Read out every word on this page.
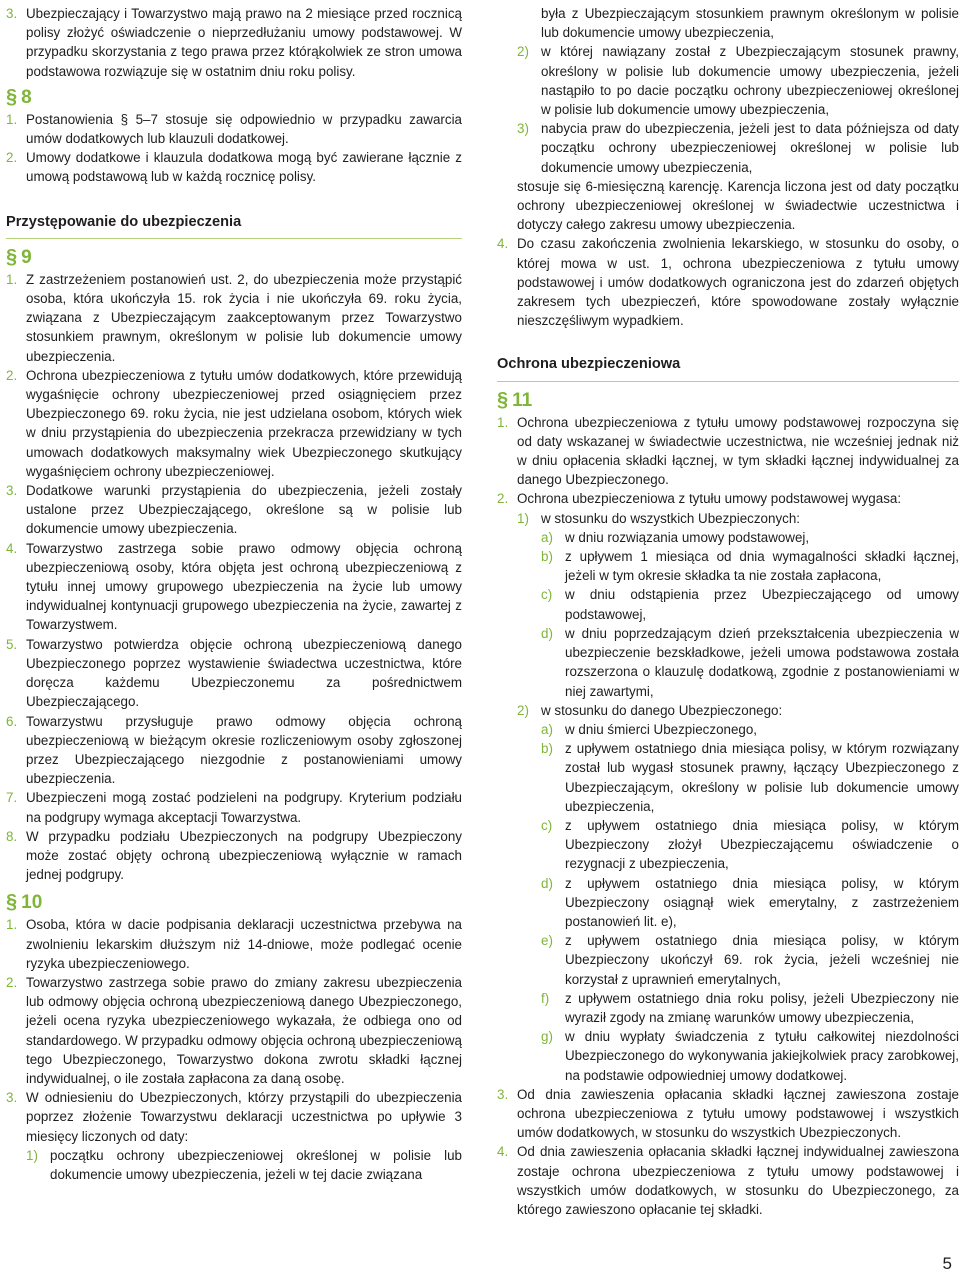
3. Ubezpieczający i Towarzystwo mają prawo na 2 miesiące przed rocznicą polisy złożyć oświadczenie o nieprzedłużaniu umowy podstawowej. W przypadku skorzystania z tego prawa przez którąkolwiek ze stron umowa podstawowa rozwiązuje się w ostatnim dniu roku polisy.
§ 8
1. Postanowienia § 5–7 stosuje się odpowiednio w przypadku zawarcia umów dodatkowych lub klauzuli dodatkowej.
2. Umowy dodatkowe i klauzula dodatkowa mogą być zawierane łącznie z umową podstawową lub w każdą rocznicę polisy.
Przystępowanie do ubezpieczenia
§ 9
1. Z zastrzeżeniem postanowień ust. 2, do ubezpieczenia może przystąpić osoba, która ukończyła 15. rok życia i nie ukończyła 69. roku życia, związana z Ubezpieczającym zaakceptowanym przez Towarzystwo stosunkiem prawnym, określonym w polisie lub dokumencie umowy ubezpieczenia.
2. Ochrona ubezpieczeniowa z tytułu umów dodatkowych, które przewidują wygaśnięcie ochrony ubezpieczeniowej przed osiągnięciem przez Ubezpieczonego 69. roku życia, nie jest udzielana osobom, których wiek w dniu przystąpienia do ubezpieczenia przekracza przewidziany w tych umowach dodatkowych maksymalny wiek Ubezpieczonego skutkujący wygaśnięciem ochrony ubezpieczeniowej.
3. Dodatkowe warunki przystąpienia do ubezpieczenia, jeżeli zostały ustalone przez Ubezpieczającego, określone są w polisie lub dokumencie umowy ubezpieczenia.
4. Towarzystwo zastrzega sobie prawo odmowy objęcia ochroną ubezpieczeniową osoby, która objęta jest ochroną ubezpieczeniową z tytułu innej umowy grupowego ubezpieczenia na życie lub umowy indywidualnej kontynuacji grupowego ubezpieczenia na życie, zawartej z Towarzystwem.
5. Towarzystwo potwierdza objęcie ochroną ubezpieczeniową danego Ubezpieczonego poprzez wystawienie świadectwa uczestnictwa, które doręcza każdemu Ubezpieczonemu za pośrednictwem Ubezpieczającego.
6. Towarzystwu przysługuje prawo odmowy objęcia ochroną ubezpieczeniową w bieżącym okresie rozliczeniowym osoby zgłoszonej przez Ubezpieczającego niezgodnie z postanowieniami umowy ubezpieczenia.
7. Ubezpieczeni mogą zostać podzieleni na podgrupy. Kryterium podziału na podgrupy wymaga akceptacji Towarzystwa.
8. W przypadku podziału Ubezpieczonych na podgrupy Ubezpieczony może zostać objęty ochroną ubezpieczeniową wyłącznie w ramach jednej podgrupy.
§ 10
1. Osoba, która w dacie podpisania deklaracji uczestnictwa przebywa na zwolnieniu lekarskim dłuższym niż 14-dniowe, może podlegać ocenie ryzyka ubezpieczeniowego.
2. Towarzystwo zastrzega sobie prawo do zmiany zakresu ubezpieczenia lub odmowy objęcia ochroną ubezpieczeniową danego Ubezpieczonego, jeżeli ocena ryzyka ubezpieczeniowego wykazała, że odbiega ono od standardowego. W przypadku odmowy objęcia ochroną ubezpieczeniową tego Ubezpieczonego, Towarzystwo dokona zwrotu składki łącznej indywidualnej, o ile została zapłacona za daną osobę.
3. W odniesieniu do Ubezpieczonych, którzy przystąpili do ubezpieczenia poprzez złożenie Towarzystwu deklaracji uczestnictwa po upływie 3 miesięcy liczonych od daty:
1) początku ochrony ubezpieczeniowej określonej w polisie lub dokumencie umowy ubezpieczenia, jeżeli w tej dacie związana
była z Ubezpieczającym stosunkiem prawnym określonym w polisie lub dokumencie umowy ubezpieczenia,
2) w której nawiązany został z Ubezpieczającym stosunek prawny, określony w polisie lub dokumencie umowy ubezpieczenia, jeżeli nastąpiło to po dacie początku ochrony ubezpieczeniowej określonej w polisie lub dokumencie umowy ubezpieczenia,
3) nabycia praw do ubezpieczenia, jeżeli jest to data późniejsza od daty początku ochrony ubezpieczeniowej określonej w polisie lub dokumencie umowy ubezpieczenia,
stosuje się 6-miesięczną karencję. Karencja liczona jest od daty początku ochrony ubezpieczeniowej określonej w świadectwie uczestnictwa i dotyczy całego zakresu umowy ubezpieczenia.
4. Do czasu zakończenia zwolnienia lekarskiego, w stosunku do osoby, o której mowa w ust. 1, ochrona ubezpieczeniowa z tytułu umowy podstawowej i umów dodatkowych ograniczona jest do zdarzeń objętych zakresem tych ubezpieczeń, które spowodowane zostały wyłącznie nieszczęśliwym wypadkiem.
Ochrona ubezpieczeniowa
§ 11
1. Ochrona ubezpieczeniowa z tytułu umowy podstawowej rozpoczyna się od daty wskazanej w świadectwie uczestnictwa, nie wcześniej jednak niż w dniu opłacenia składki łącznej, w tym składki łącznej indywidualnej za danego Ubezpieczonego.
2. Ochrona ubezpieczeniowa z tytułu umowy podstawowej wygasa:
1) w stosunku do wszystkich Ubezpieczonych:
a) w dniu rozwiązania umowy podstawowej,
b) z upływem 1 miesiąca od dnia wymagalności składki łącznej, jeżeli w tym okresie składka ta nie została zapłacona,
c) w dniu odstąpienia przez Ubezpieczającego od umowy podstawowej,
d) w dniu poprzedzającym dzień przekształcenia ubezpieczenia w ubezpieczenie bezskładkowe, jeżeli umowa podstawowa została rozszerzona o klauzulę dodatkową, zgodnie z postanowieniami w niej zawartymi,
2) w stosunku do danego Ubezpieczonego:
a) w dniu śmierci Ubezpieczonego,
b) z upływem ostatniego dnia miesiąca polisy, w którym rozwiązany został lub wygasł stosunek prawny, łączący Ubezpieczonego z Ubezpieczającym, określony w polisie lub dokumencie umowy ubezpieczenia,
c) z upływem ostatniego dnia miesiąca polisy, w którym Ubezpieczony złożył Ubezpieczającemu oświadczenie o rezygnacji z ubezpieczenia,
d) z upływem ostatniego dnia miesiąca polisy, w którym Ubezpieczony osiągnął wiek emerytalny, z zastrzeżeniem postanowień lit. e),
e) z upływem ostatniego dnia miesiąca polisy, w którym Ubezpieczony ukończył 69. rok życia, jeżeli wcześniej nie korzystał z uprawnień emerytalnych,
f)	z upływem ostatniego dnia roku polisy, jeżeli Ubezpieczony nie wyraził zgody na zmianę warunków umowy ubezpieczenia,
g) w dniu wypłaty świadczenia z tytułu całkowitej niezdolności Ubezpieczonego do wykonywania jakiejkolwiek pracy zarobkowej, na podstawie odpowiedniej umowy dodatkowej.
3. Od dnia zawieszenia opłacania składki łącznej zawieszona zostaje ochrona ubezpieczeniowa z tytułu umowy podstawowej i wszystkich umów dodatkowych, w stosunku do wszystkich Ubezpieczonych.
4. Od dnia zawieszenia opłacania składki łącznej indywidualnej zawieszona zostaje ochrona ubezpieczeniowa z tytułu umowy podstawowej i wszystkich umów dodatkowych, w stosunku do Ubezpieczonego, za którego zawieszono opłacanie tej składki.
5
